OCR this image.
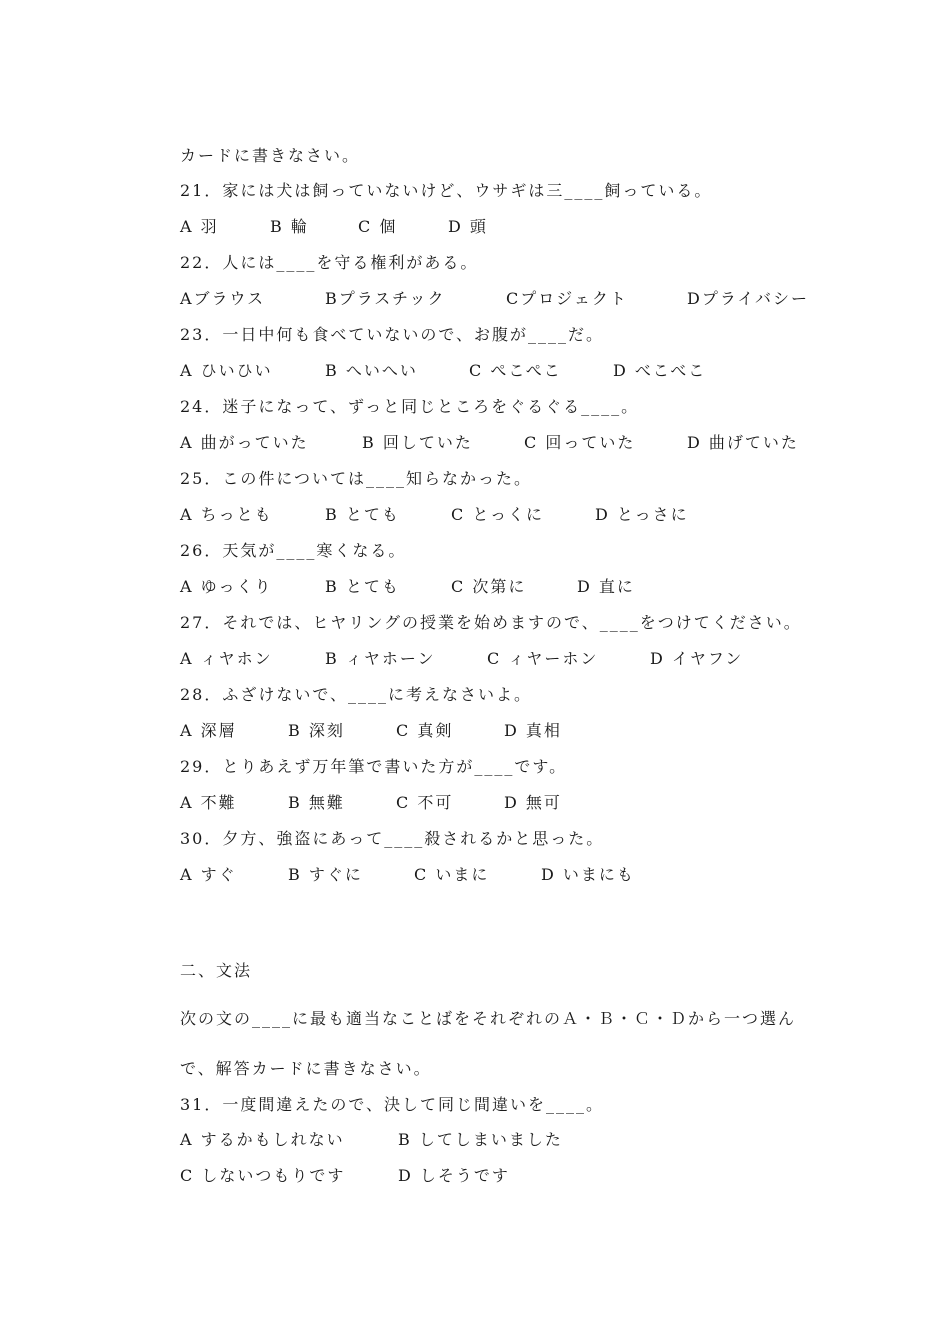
カードに書きなさい。
21．家には犬は飼っていないけど、ウサギは三____飼っている。
A 羽	B 輪	C 個	D 頭
22．人には____を守る権利がある。
Aブラウス	Bプラスチック	Cプロジェクト	Dプライバシー
23．一日中何も食べていないので、お腹が____だ。
A ひいひい	B へいへい	C ぺこぺこ	D べこべこ
24．迷子になって、ずっと同じところをぐるぐる____。
A 曲がっていた	B 回していた	C 回っていた	D 曲げていた
25．この件については____知らなかった。
A ちっとも	B とても	C とっくに	D とっさに
26．天気が____寒くなる。
A ゆっくり	B とても	C 次第に	D 直に
27．それでは、ヒヤリングの授業を始めますので、____をつけてください。
A ィヤホン	B ィヤホーン	C ィヤーホン	D イヤフン
28．ふざけないで、____に考えなさいよ。
A 深層	B 深刻	C 真剣	D 真相
29．とりあえず万年筆で書いた方が____です。
A 不難	B 無難	C 不可	D 無可
30．夕方、強盗にあって____殺されるかと思った。
A すぐ	B すぐに	C いまに	D いまにも
二、文法
次の文の____に最も適当なことばをそれぞれのＡ・Ｂ・Ｃ・Ｄから一つ選ん
で、解答カードに書きなさい。
31．一度間違えたので、決して同じ間違いを____。
A するかもしれない	B してしまいました
C しないつもりです	D しそうです
